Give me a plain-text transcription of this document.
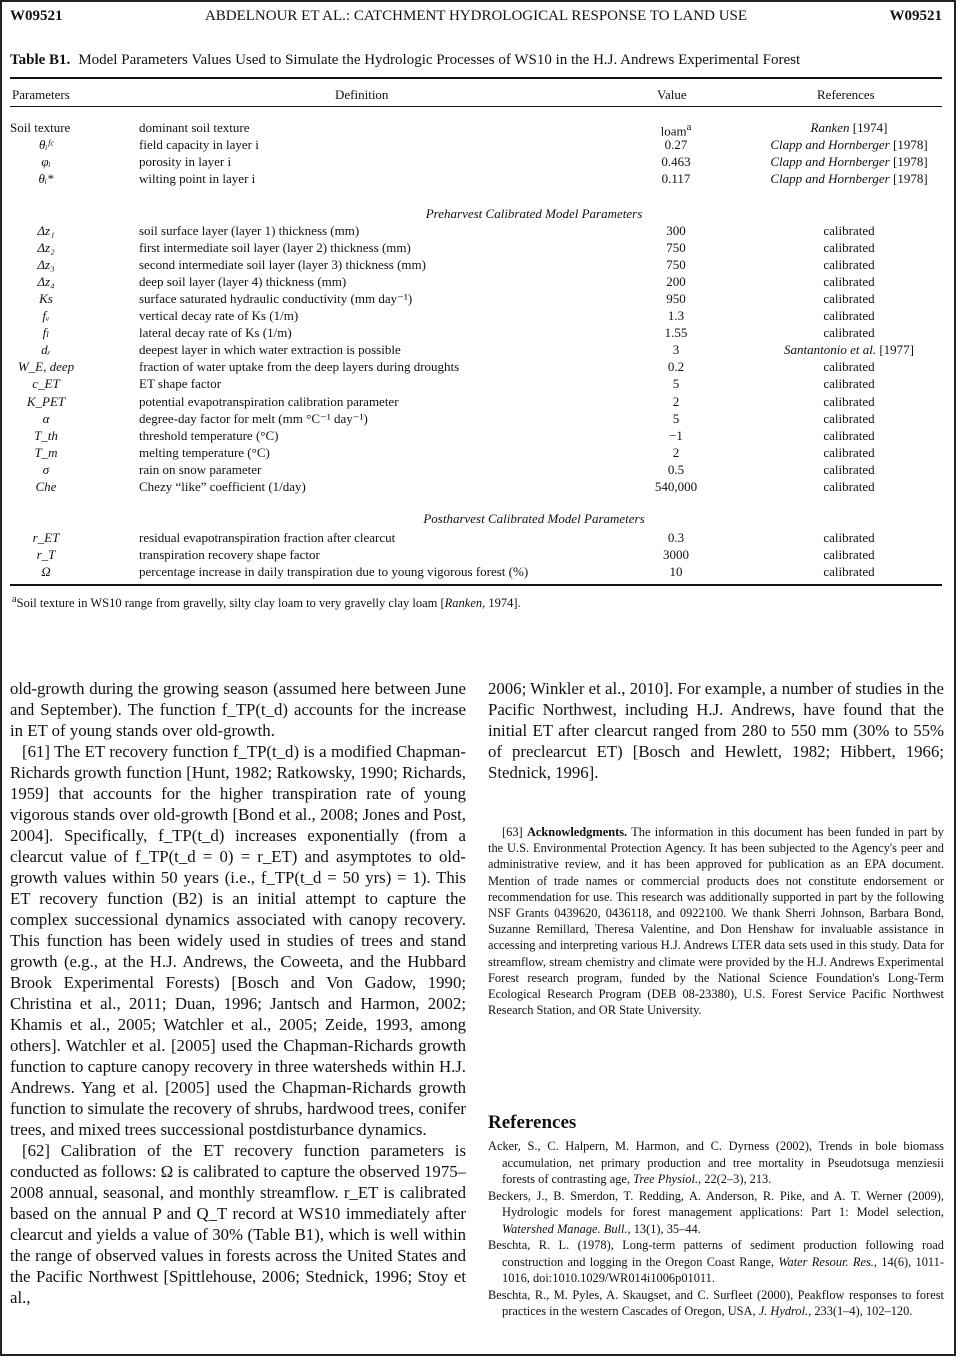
W09521	ABDELNOUR ET AL.: CATCHMENT HYDROLOGICAL RESPONSE TO LAND USE	W09521
Table B1. Model Parameters Values Used to Simulate the Hydrologic Processes of WS10 in the H.J. Andrews Experimental Forest
Parameters	Definition	Value	References
Soil texture	dominant soil texture	loam$^a$	Ranken [1974]
θᵢᶠᶜ	field capacity in layer i	0.27	Clapp and Hornberger [1978]
φᵢ	porosity in layer i	0.463	Clapp and Hornberger [1978]
θᵢ*	wilting point in layer i	0.117	Clapp and Hornberger [1978]
Preharvest Calibrated Model Parameters
Δz₁	soil surface layer (layer 1) thickness (mm)	300	calibrated
Δz₂	first intermediate soil layer (layer 2) thickness (mm)	750	calibrated
Δz₃	second intermediate soil layer (layer 3) thickness (mm)	750	calibrated
Δz₄	deep soil layer (layer 4) thickness (mm)	200	calibrated
Ks	surface saturated hydraulic conductivity (mm day⁻¹)	950	calibrated
fᵥ	vertical decay rate of Ks (1/m)	1.3	calibrated
fₗ	lateral decay rate of Ks (1/m)	1.55	calibrated
dᵣ	deepest layer in which water extraction is possible	3	Santantonio et al. [1977]
W_E, deep	fraction of water uptake from the deep layers during droughts	0.2	calibrated
c_ET	ET shape factor	5	calibrated
K_PET	potential evapotranspiration calibration parameter	2	calibrated
α	degree-day factor for melt (mm °C⁻¹ day⁻¹)	5	calibrated
T_th	threshold temperature (°C)	−1	calibrated
T_m	melting temperature (°C)	2	calibrated
σ	rain on snow parameter	0.5	calibrated
Che	Chezy “like” coefficient (1/day)	540,000	calibrated
Postharvest Calibrated Model Parameters
r_ET	residual evapotranspiration fraction after clearcut	0.3	calibrated
r_T	transpiration recovery shape factor	3000	calibrated
Ω	percentage increase in daily transpiration due to young vigorous forest (%)	10	calibrated
$^a$Soil texture in WS10 range from gravelly, silty clay loam to very gravelly clay loam [Ranken, 1974].

old-growth during the growing season (assumed here between June and September). The function f_TP(t_d) accounts for the increase in ET of young stands over old-growth.

[61] The ET recovery function f_TP(t_d) is a modified Chapman-Richards growth function [Hunt, 1982; Ratkowsky, 1990; Richards, 1959] that accounts for the higher transpiration rate of young vigorous stands over old-growth [Bond et al., 2008; Jones and Post, 2004]. Specifically, f_TP(t_d) increases exponentially (from a clearcut value of f_TP(t_d = 0) = r_ET) and asymptotes to old-growth values within 50 years (i.e., f_TP(t_d = 50 yrs) = 1). This ET recovery function (B2) is an initial attempt to capture the complex successional dynamics associated with canopy recovery. This function has been widely used in studies of trees and stand growth (e.g., at the H.J. Andrews, the Coweeta, and the Hubbard Brook Experimental Forests) [Bosch and Von Gadow, 1990; Christina et al., 2011; Duan, 1996; Jantsch and Harmon, 2002; Khamis et al., 2005; Watchler et al., 2005; Zeide, 1993, among others]. Watchler et al. [2005] used the Chapman-Richards growth function to capture canopy recovery in three watersheds within H.J. Andrews. Yang et al. [2005] used the Chapman-Richards growth function to simulate the recovery of shrubs, hardwood trees, conifer trees, and mixed trees successional postdisturbance dynamics.

[62] Calibration of the ET recovery function parameters is conducted as follows: Ω is calibrated to capture the observed 1975–2008 annual, seasonal, and monthly streamflow. r_ET is calibrated based on the annual P and Q_T record at WS10 immediately after clearcut and yields a value of 30% (Table B1), which is well within the range of observed values in forests across the United States and the Pacific Northwest [Spittlehouse, 2006; Stednick, 1996; Stoy et al.,

2006; Winkler et al., 2010]. For example, a number of studies in the Pacific Northwest, including H.J. Andrews, have found that the initial ET after clearcut ranged from 280 to 550 mm (30% to 55% of preclearcut ET) [Bosch and Hewlett, 1982; Hibbert, 1966; Stednick, 1996].

[63] Acknowledgments. The information in this document has been funded in part by the U.S. Environmental Protection Agency. It has been subjected to the Agency's peer and administrative review, and it has been approved for publication as an EPA document. Mention of trade names or commercial products does not constitute endorsement or recommendation for use. This research was additionally supported in part by the following NSF Grants 0439620, 0436118, and 0922100. We thank Sherri Johnson, Barbara Bond, Suzanne Remillard, Theresa Valentine, and Don Henshaw for invaluable assistance in accessing and interpreting various H.J. Andrews LTER data sets used in this study. Data for streamflow, stream chemistry and climate were provided by the H.J. Andrews Experimental Forest research program, funded by the National Science Foundation's Long-Term Ecological Research Program (DEB 08-23380), U.S. Forest Service Pacific Northwest Research Station, and OR State University.
References

Acker, S., C. Halpern, M. Harmon, and C. Dyrness (2002), Trends in bole biomass accumulation, net primary production and tree mortality in Pseudotsuga menziesii forests of contrasting age, Tree Physiol., 22(2–3), 213.

Beckers, J., B. Smerdon, T. Redding, A. Anderson, R. Pike, and A. T. Werner (2009), Hydrologic models for forest management applications: Part 1: Model selection, Watershed Manage. Bull., 13(1), 35–44.

Beschta, R. L. (1978), Long-term patterns of sediment production following road construction and logging in the Oregon Coast Range, Water Resour. Res., 14(6), 1011-1016, doi:1010.1029/WR014i1006p01011.

Beschta, R., M. Pyles, A. Skaugset, and C. Surfleet (2000), Peakflow responses to forest practices in the western Cascades of Oregon, USA, J. Hydrol., 233(1–4), 102–120.
